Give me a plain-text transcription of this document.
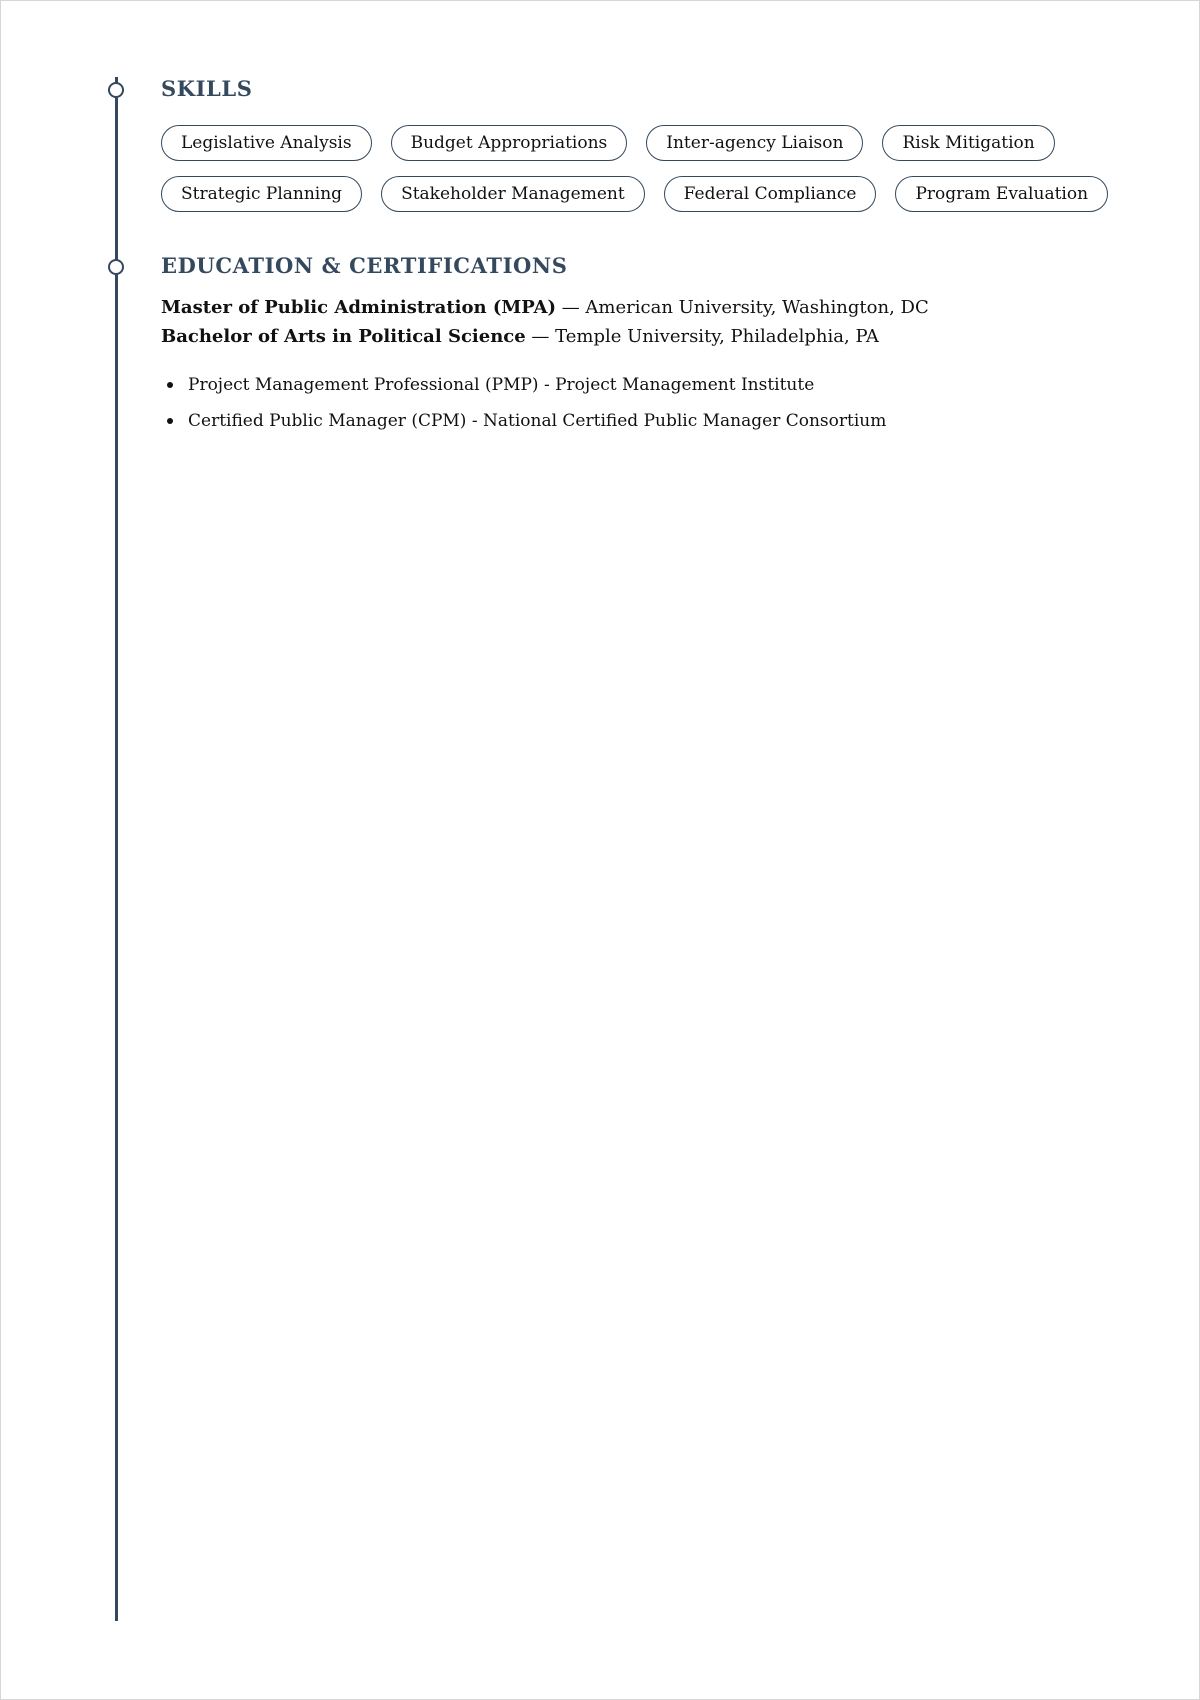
SKILLS
Legislative Analysis	Budget Appropriations	Inter-agency Liaison	Risk Mitigation
Strategic Planning	Stakeholder Management	Federal Compliance	Program Evaluation
EDUCATION & CERTIFICATIONS
Master of Public Administration (MPA) — American University, Washington, DC
Bachelor of Arts in Political Science — Temple University, Philadelphia, PA
Project Management Professional (PMP) - Project Management Institute
Certified Public Manager (CPM) - National Certified Public Manager Consortium
